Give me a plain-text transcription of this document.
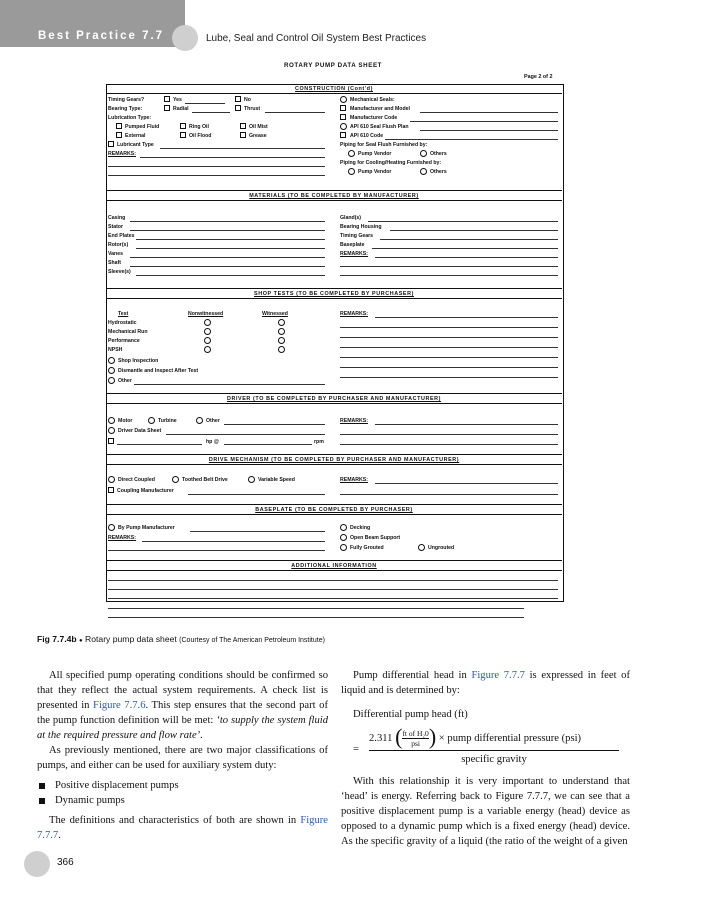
Best Practice 7.7	Lube, Seal and Control Oil System Best Practices
ROTARY PUMP DATA SHEET
Page 2 of 2
CONSTRUCTION (Cont'd)
Timing Gears?	Yes	No
Bearing Type:	Radial	Thrust
Lubrication Type:
Pumped Fluid	Ring Oil	Oil Mist
External	Oil Flood	Grease
Lubricant Type
REMARKS:
Mechanical Seals:
Manufacturer and Model
Manufacturer Code
API 610 Seal Flush Plan
API 610 Code
Piping for Seal Flush Furnished by:
Pump Vendor	Others
Piping for Cooling/Heating Furnished by:
Pump Vendor	Others
MATERIALS (TO BE COMPLETED BY MANUFACTURER)
Casing
Stator
End Plates
Rotor(s)
Vanes
Shaft
Sleeve(s)
Gland(s)
Bearing Housing
Timing Gears
Baseplate
REMARKS:
SHOP TESTS (TO BE COMPLETED BY PURCHASER)
Test	Nonwitnessed	Witnessed	REMARKS:
Hydrostatic
Mechanical Run
Performance
NPSH
Shop Inspection
Dismantle and Inspect After Test
Other
DRIVER (TO BE COMPLETED BY PURCHASER AND MANUFACTURER)
Motor	Turbine	Other
Driver Data Sheet
hp @	rpm
REMARKS:
DRIVE MECHANISM (TO BE COMPLETED BY PURCHASER AND MANUFACTURER)
Direct Coupled	Toothed Belt Drive	Variable Speed
Coupling Manufacturer
REMARKS:
BASEPLATE (TO BE COMPLETED BY PURCHASER)
By Pump Manufacturer
REMARKS:
Decking
Open Beam Support
Fully Grouted	Ungrouted
ADDITIONAL INFORMATION
Fig 7.7.4b ● Rotary pump data sheet (Courtesy of The American Petroleum Institute)

All specified pump operating conditions should be confirmed so that they reflect the actual system requirements. A check list is presented in Figure 7.7.6. This step ensures that the second part of the pump function definition will be met: ‘to supply the system fluid at the required pressure and flow rate’.

As previously mentioned, there are two major classifications of pumps, and either can be used for auxiliary system duty:

Positive displacement pumps

Dynamic pumps

The definitions and characteristics of both are shown in Figure 7.7.7.

Pump differential head in Figure 7.7.7 is expressed in feet of liquid and is determined by:

Differential pump head (ft)
=
2.311 ( ft of H₂0
psi ) × pump differential pressure (psi)
specific gravity

With this relationship it is very important to understand that ‘head’ is energy. Referring back to Figure 7.7.7, we can see that a positive displacement pump is a variable energy (head) device as opposed to a dynamic pump which is a fixed energy (head) device. As the specific gravity of a liquid (the ratio of the weight of a given

366
